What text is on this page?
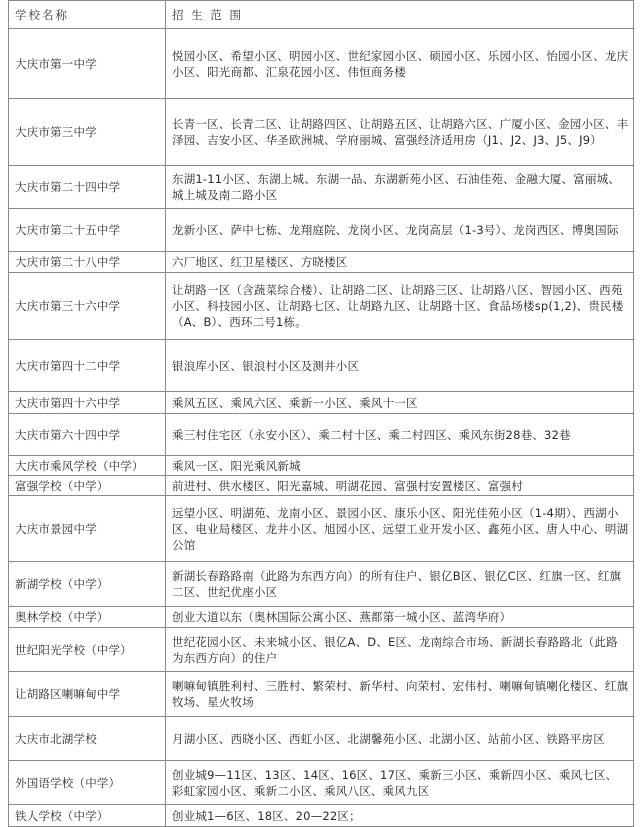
学校名称	招 生 范 围
大庆市第一中学	悦园小区、希望小区、明园小区、世纪家园小区、硕园小区、乐园小区、怡园小区、龙庆小区、阳光商都、汇泉花园小区、伟恒商务楼
大庆市第三中学	长青一区、长青二区、让胡路四区、让胡路五区、让胡路六区、广厦小区、金园小区、丰泽园、吉安小区、华圣欧洲城、学府丽城、富强经济适用房（J1、J2、J3、J5、J9）
大庆市第二十四中学	东湖1-11小区、东湖上城、东湖一品、东湖新苑小区、石油佳苑、金融大厦、富丽城、城上城及南二路小区
大庆市第二十五中学	龙新小区、萨中七栋、龙翔庭院、龙岗小区、龙岗高层（1-3号）、龙岗西区、博奥国际
大庆市第二十八中学	六厂地区、红卫星楼区、方晓楼区
大庆市第三十六中学	让胡路一区（含蔬菜综合楼）、让胡路二区、让胡路三区、让胡路八区、智园小区、西苑小区、科技园小区、让胡路七区、让胡路九区、让胡路十区、食品场楼sp(1,2)、贵民楼（A、B）、西环二号1栋。
大庆市第四十二中学	银浪库小区、银浪村小区及测井小区
大庆市第四十六中学	乘风五区、乘风六区、乘新一小区、乘风十一区
大庆市第六十四中学	乘三村住宅区（永安小区）、乘二村十区、乘二村四区、乘风东街28巷、32巷
大庆市乘风学校（中学）	乘风一区、阳光乘风新城
富强学校（中学）	前进村、供水楼区、阳光嘉城、明湖花园、富强村安置楼区、富强村
大庆市景园中学	远望小区、明湖苑、龙南小区、景园小区、康乐小区、阳光佳苑小区（1-4期）、西湖小区、电业局楼区、龙井小区、旭园小区、远望工业开发小区、鑫苑小区、唐人中心、明湖公馆
新湖学校（中学）	新湖长春路路南（此路为东西方向）的所有住户、银亿B区、银亿C区、红旗一区、红旗二区、世纪优座小区
奥林学校（中学）	创业大道以东（奥林国际公寓小区、燕都第一城小区、蓝湾华府）
世纪阳光学校（中学）	世纪花园小区、未来城小区、银亿A、D、E区、龙南综合市场、新湖长春路路北（此路为东西方向）的住户
让胡路区喇嘛甸中学	喇嘛甸镇胜利村、三胜村、繁荣村、新华村、向荣村、宏伟村、喇嘛甸镇喇化楼区、红旗牧场、星火牧场
大庆市北湖学校	月湖小区、西晓小区、西虹小区、北湖馨苑小区、北湖小区、站前小区、铁路平房区
外国语学校（中学）	创业城9—11区、13区、14区、16区、17区、乘新三小区、乘新四小区、乘风七区、彩虹家园小区、乘新二小区、乘风八区、乘风九区
铁人学校（中学）	创业城1—6区、18区、20—22区；
